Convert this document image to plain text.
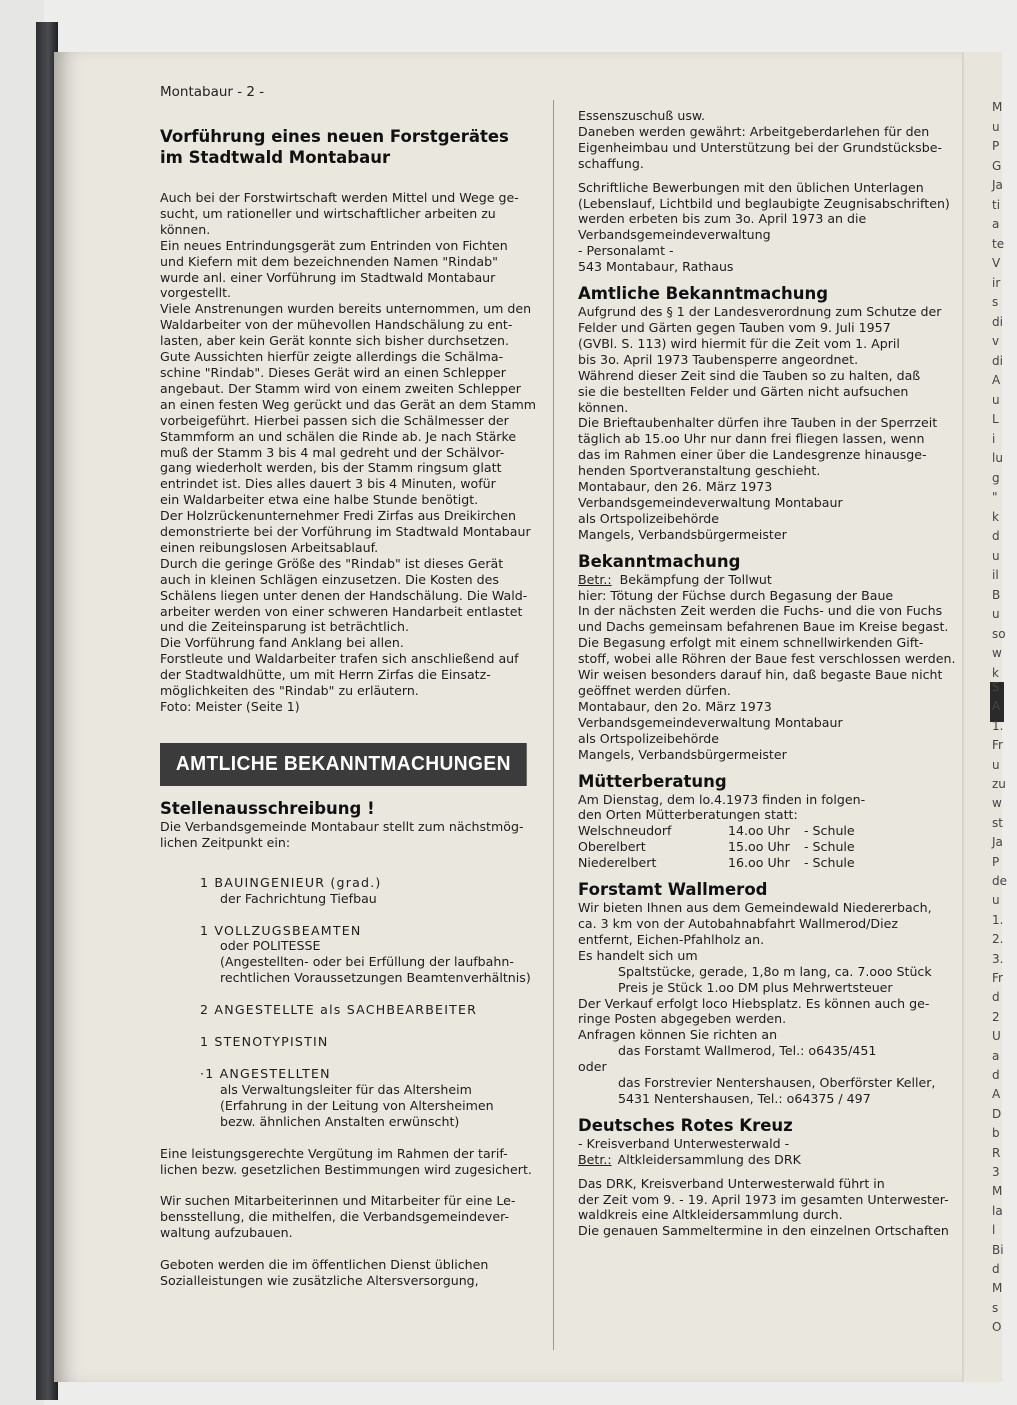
M
u
P
G
Ja
ti
a
te
V
ir
s
di
v
di
A
u
L
i
lu
g
"
k
d
u
il
B
u
so
w
k
S
A
1.
Fr
u
zu
w
st
Ja
P
de
u
1.
2.
3.
Fr
d
2
U
a
d
A
D
b
R
3
M
la
l
Bi
d
M
s
O
Montabaur - 2 -
Vorführung eines neuen Forstgerätes
im Stadtwald Montabaur

Auch bei der Forstwirtschaft werden Mittel und Wege ge-

sucht, um rationeller und wirtschaftlicher arbeiten zu

können.

Ein neues Entrindungsgerät zum Entrinden von Fichten

und Kiefern mit dem bezeichnenden Namen "Rindab"

wurde anl. einer Vorführung im Stadtwald Montabaur

vorgestellt.

Viele Anstrenungen wurden bereits unternommen, um den

Waldarbeiter von der mühevollen Handschälung zu ent-

lasten, aber kein Gerät konnte sich bisher durchsetzen.

Gute Aussichten hierfür zeigte allerdings die Schälma-

schine "Rindab". Dieses Gerät wird an einen Schlepper

angebaut. Der Stamm wird von einem zweiten Schlepper

an einen festen Weg gerückt und das Gerät an dem Stamm

vorbeigeführt. Hierbei passen sich die Schälmesser der

Stammform an und schälen die Rinde ab. Je nach Stärke

muß der Stamm 3 bis 4 mal gedreht und der Schälvor-

gang wiederholt werden, bis der Stamm ringsum glatt

entrindet ist. Dies alles dauert 3 bis 4 Minuten, wofür

ein Waldarbeiter etwa eine halbe Stunde benötigt.

Der Holzrückenunternehmer Fredi Zirfas aus Dreikirchen

demonstrierte bei der Vorführung im Stadtwald Montabaur

einen reibungslosen Arbeitsablauf.

Durch die geringe Größe des "Rindab" ist dieses Gerät

auch in kleinen Schlägen einzusetzen. Die Kosten des

Schälens liegen unter denen der Handschälung. Die Wald-

arbeiter werden von einer schweren Handarbeit entlastet

und die Zeiteinsparung ist beträchtlich.

Die Vorführung fand Anklang bei allen.

Forstleute und Waldarbeiter trafen sich anschließend auf

der Stadtwaldhütte, um mit Herrn Zirfas die Einsatz-

möglichkeiten des "Rindab" zu erläutern.

Foto: Meister (Seite 1)

AMTLICHE BEKANNTMACHUNGEN
Stellenausschreibung !

Die Verbandsgemeinde Montabaur stellt zum nächstmög-

lichen Zeitpunkt ein:

1 BAUINGENIEUR (grad.)

der Fachrichtung Tiefbau

1 VOLLZUGSBEAMTEN

oder POLITESSE

(Angestellten- oder bei Erfüllung der laufbahn-

rechtlichen Voraussetzungen Beamtenverhältnis)

2 ANGESTELLTE als SACHBEARBEITER

1 STENOTYPISTIN

·1 ANGESTELLTEN

als Verwaltungsleiter für das Altersheim

(Erfahrung in der Leitung von Altersheimen

bezw. ähnlichen Anstalten erwünscht)

Eine leistungsgerechte Vergütung im Rahmen der tarif-

lichen bezw. gesetzlichen Bestimmungen wird zugesichert.

Wir suchen Mitarbeiterinnen und Mitarbeiter für eine Le-

bensstellung, die mithelfen, die Verbandsgemeindever-

waltung aufzubauen.

Geboten werden die im öffentlichen Dienst üblichen

Sozialleistungen wie zusätzliche Altersversorgung,

Essenszuschuß usw.

Daneben werden gewährt: Arbeitgeberdarlehen für den

Eigenheimbau und Unterstützung bei der Grundstücksbe-

schaffung.

Schriftliche Bewerbungen mit den üblichen Unterlagen

(Lebenslauf, Lichtbild und beglaubigte Zeugnisabschriften)

werden erbeten bis zum 3o. April 1973 an die

Verbandsgemeindeverwaltung

- Personalamt -

543 Montabaur, Rathaus

Amtliche Bekanntmachung

Aufgrund des § 1 der Landesverordnung zum Schutze der

Felder und Gärten gegen Tauben vom 9. Juli 1957

(GVBl. S. 113) wird hiermit für die Zeit vom 1. April

bis 3o. April 1973 Taubensperre angeordnet.

Während dieser Zeit sind die Tauben so zu halten, daß

sie die bestellten Felder und Gärten nicht aufsuchen

können.

Die Brieftaubenhalter dürfen ihre Tauben in der Sperrzeit

täglich ab 15.oo Uhr nur dann frei fliegen lassen, wenn

das im Rahmen einer über die Landesgrenze hinausge-

henden Sportveranstaltung geschieht.

Montabaur, den 26. März 1973

Verbandsgemeindeverwaltung Montabaur

als Ortspolizeibehörde

Mangels, Verbandsbürgermeister

Bekanntmachung
Betr.: Bekämpfung der Tollwut

hier: Tötung der Füchse durch Begasung der Baue

In der nächsten Zeit werden die Fuchs- und die von Fuchs

und Dachs gemeinsam befahrenen Baue im Kreise begast.

Die Begasung erfolgt mit einem schnellwirkenden Gift-

stoff, wobei alle Röhren der Baue fest verschlossen werden.

Wir weisen besonders darauf hin, daß begaste Baue nicht

geöffnet werden dürfen.

Montabaur, den 2o. März 1973

Verbandsgemeindeverwaltung Montabaur

als Ortspolizeibehörde

Mangels, Verbandsbürgermeister

Mütterberatung

Am Dienstag, dem lo.4.1973 finden in folgen-

den Orten Mütterberatungen statt:

Welschneudorf	14.oo Uhr	- Schule
Oberelbert	15.oo Uhr	- Schule
Niederelbert	16.oo Uhr	- Schule
Forstamt Wallmerod

Wir bieten Ihnen aus dem Gemeindewald Niedererbach,

ca. 3 km von der Autobahnabfahrt Wallmerod/Diez

entfernt, Eichen-Pfahlholz an.

Es handelt sich um

Spaltstücke, gerade, 1,8o m lang, ca. 7.ooo Stück

Preis je Stück 1.oo DM plus Mehrwertsteuer

Der Verkauf erfolgt loco Hiebsplatz. Es können auch ge-

ringe Posten abgegeben werden.

Anfragen können Sie richten an

das Forstamt Wallmerod, Tel.: o6435/451

oder

das Forstrevier Nentershausen, Oberförster Keller,

5431 Nentershausen, Tel.: o64375 / 497

Deutsches Rotes Kreuz

- Kreisverband Unterwesterwald -

Betr.: Altkleidersammlung des DRK

Das DRK, Kreisverband Unterwesterwald führt in

der Zeit vom 9. - 19. April 1973 im gesamten Unterwester-

waldkreis eine Altkleidersammlung durch.

Die genauen Sammeltermine in den einzelnen Ortschaften
